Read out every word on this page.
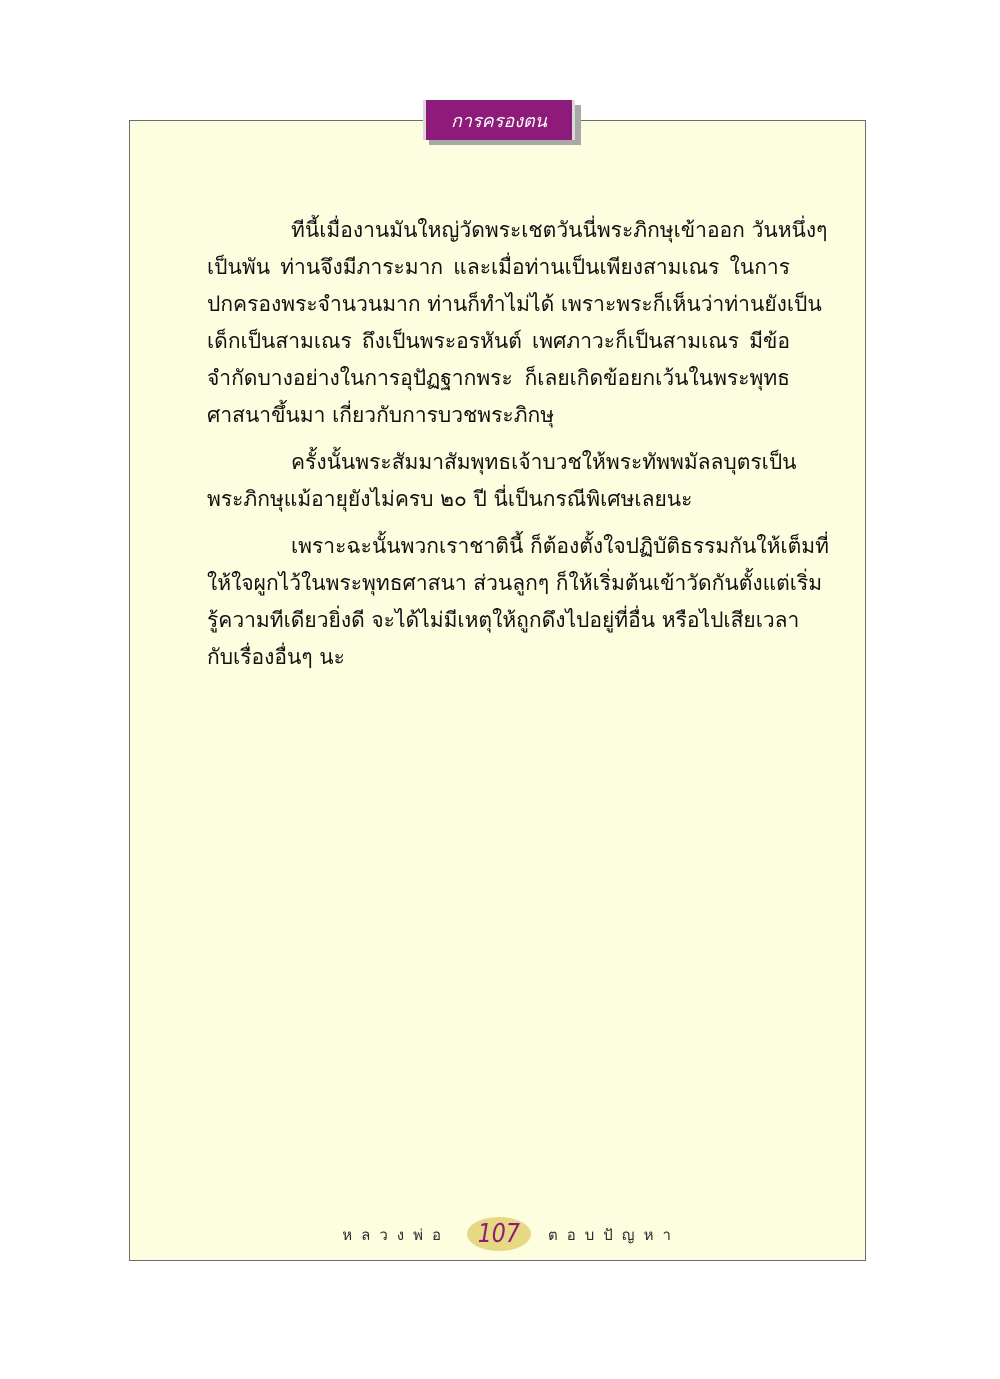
การครองตน
ทีนี้เมื่องานมันใหญ่วัดพระเชตวันนี่พระภิกษุเข้าออก วันหนึ่งๆ
เป็นพัน ท่านจึงมีภาระมาก และเมื่อท่านเป็นเพียงสามเณร ในการ
ปกครองพระจำนวนมาก ท่านก็ทำไม่ได้ เพราะพระก็เห็นว่าท่านยังเป็น
เด็กเป็นสามเณร ถึงเป็นพระอรหันต์ เพศภาวะก็เป็นสามเณร มีข้อ
จำกัดบางอย่างในการอุปัฏฐากพระ ก็เลยเกิดข้อยกเว้นในพระพุทธ
ศาสนาขึ้นมา เกี่ยวกับการบวชพระภิกษุ
ครั้งนั้นพระสัมมาสัมพุทธเจ้าบวชให้พระทัพพมัลลบุตรเป็น
พระภิกษุแม้อายุยังไม่ครบ ๒๐ ปี นี่เป็นกรณีพิเศษเลยนะ
เพราะฉะนั้นพวกเราชาตินี้ ก็ต้องตั้งใจปฏิบัติธรรมกันให้เต็มที่
ให้ใจผูกไว้ในพระพุทธศาสนา ส่วนลูกๆ ก็ให้เริ่มต้นเข้าวัดกันตั้งแต่เริ่ม
รู้ความทีเดียวยิ่งดี จะได้ไม่มีเหตุให้ถูกดึงไปอยู่ที่อื่น หรือไปเสียเวลา
กับเรื่องอื่นๆ นะ
หลวงพ่อ 107 ตอบปัญหา
